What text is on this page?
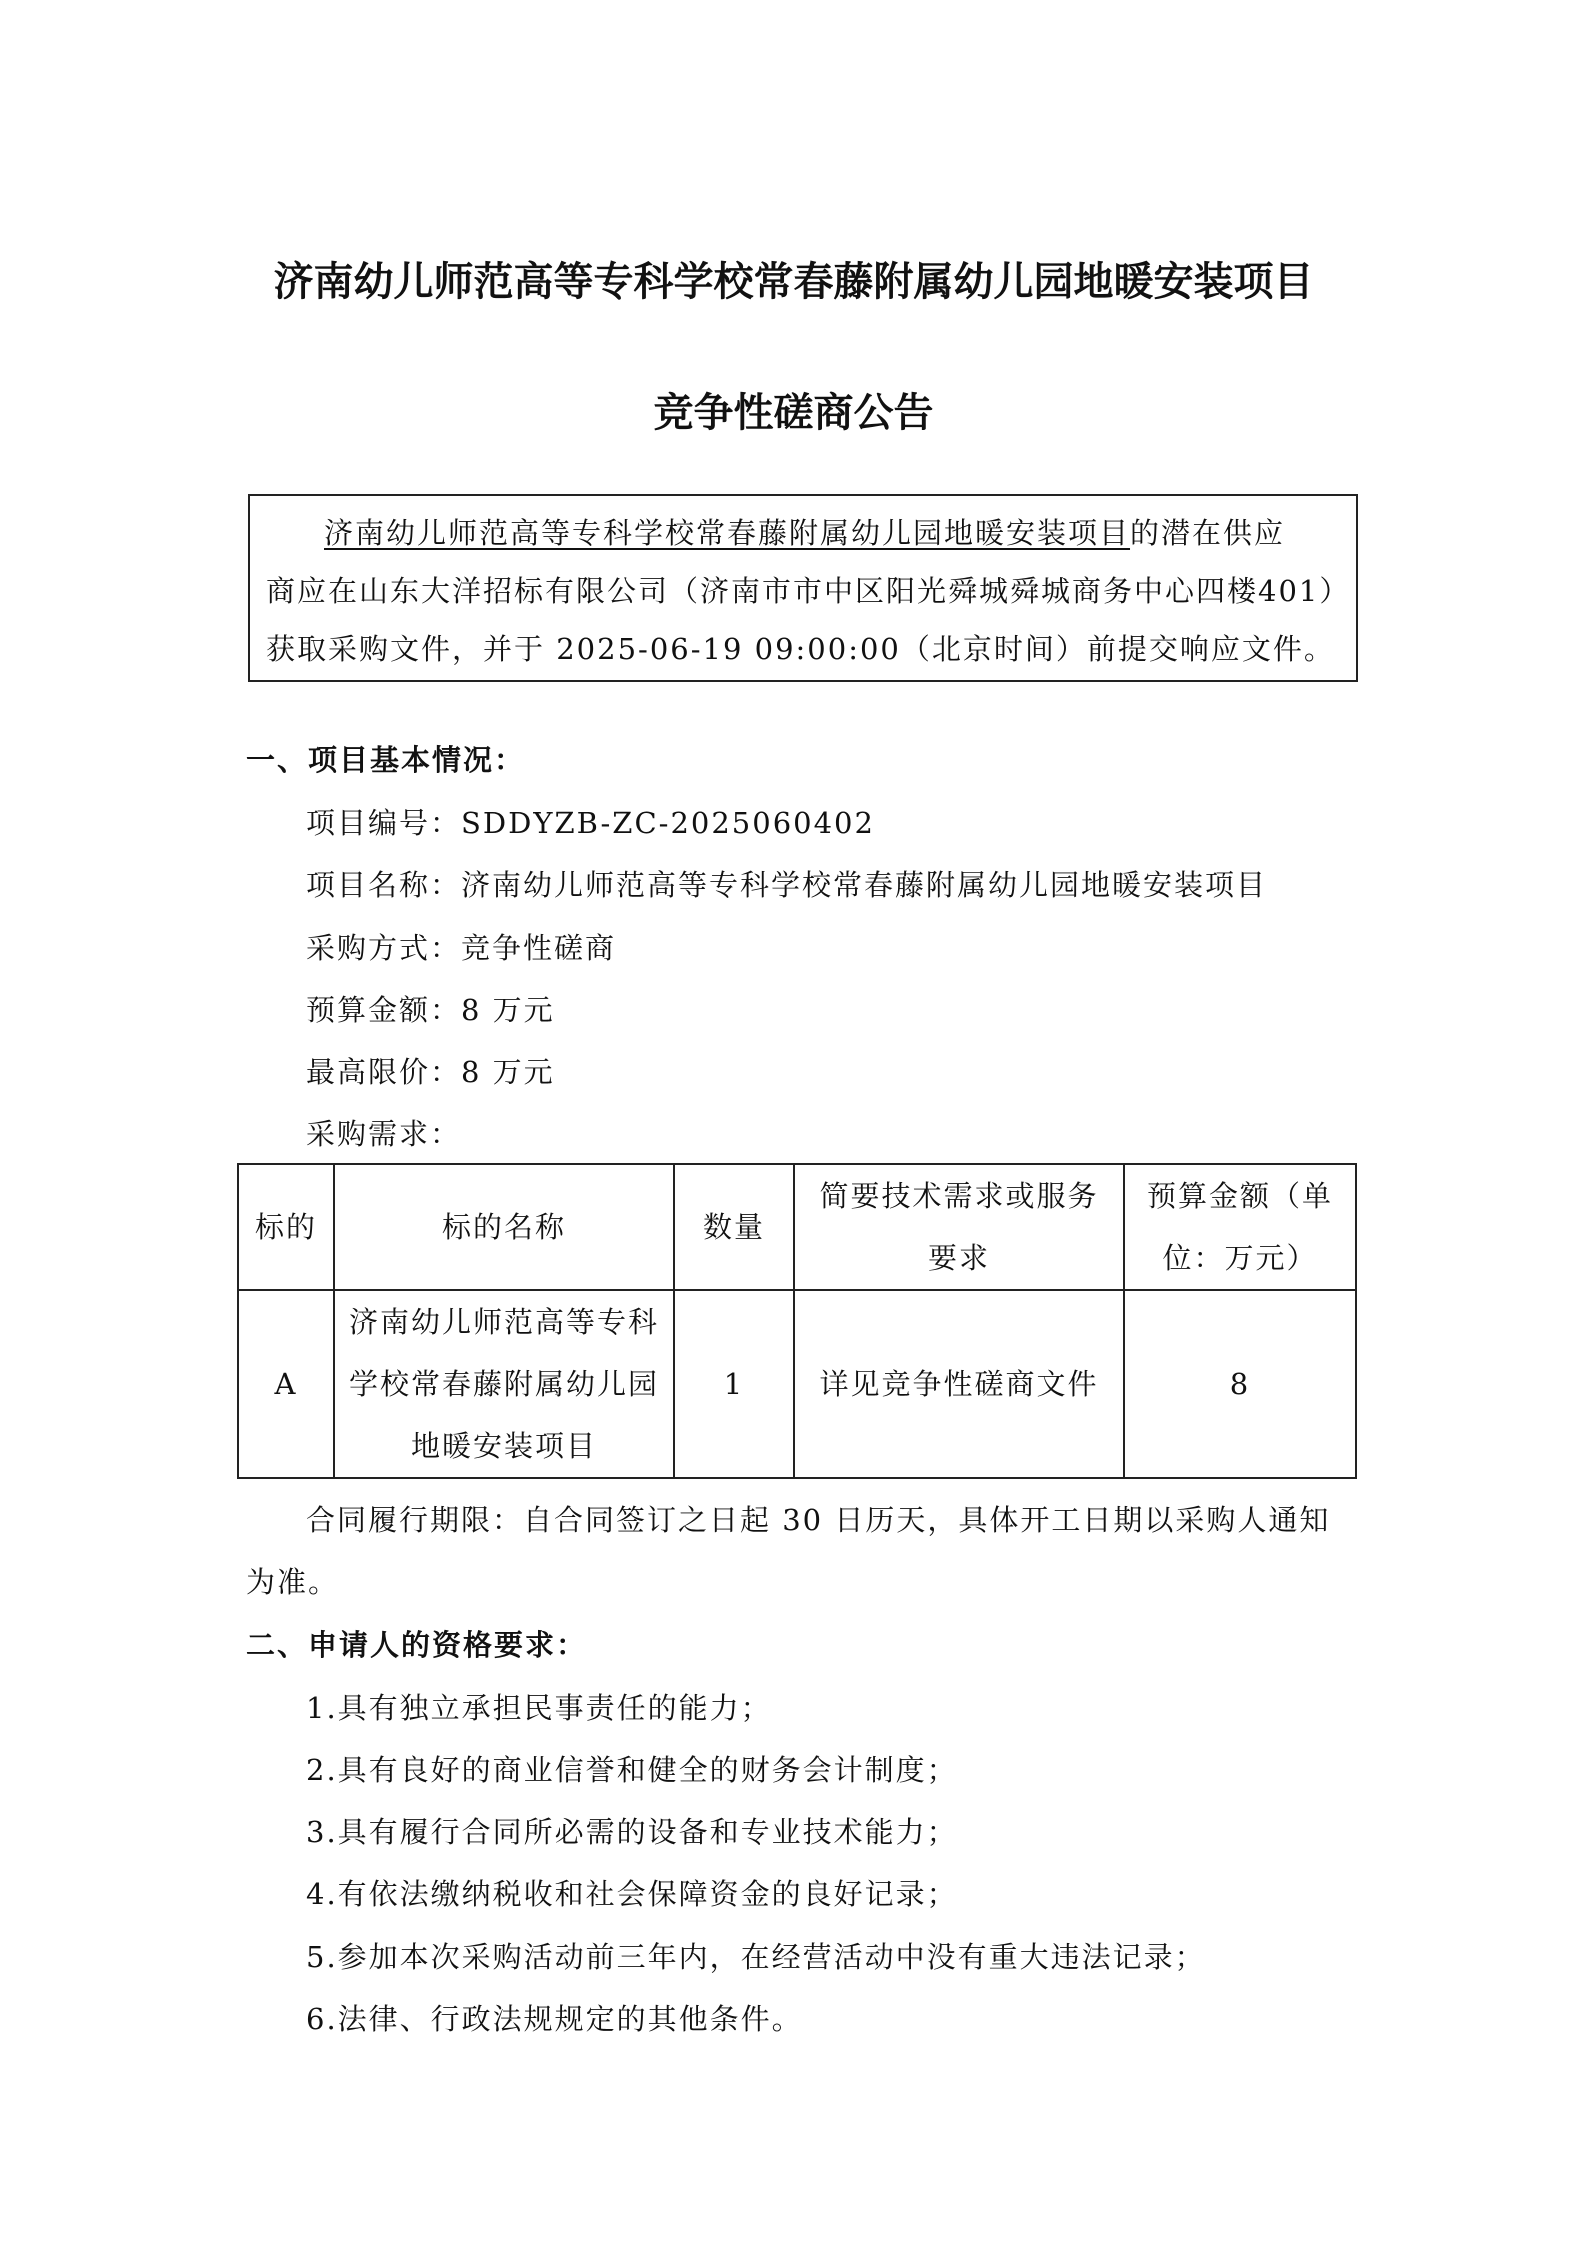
济南幼儿师范高等专科学校常春藤附属幼儿园地暖安装项目
竞争性磋商公告
济南幼儿师范高等专科学校常春藤附属幼儿园地暖安装项目的潜在供应
商应在山东大洋招标有限公司（济南市市中区阳光舜城舜城商务中心四楼401）
获取采购文件，并于 2025-06-19 09:00:00（北京时间）前提交响应文件。

一、项目基本情况：

项目编号：SDDYZB-ZC-2025060402

项目名称：济南幼儿师范高等专科学校常春藤附属幼儿园地暖安装项目

采购方式：竞争性磋商

预算金额：8 万元

最高限价：8 万元

采购需求：

标的	标的名称	数量	简要技术需求或服务要求	预算金额（单位：万元）
A	济南幼儿师范高等专科学校常春藤附属幼儿园地暖安装项目	1	详见竞争性磋商文件	8

合同履行期限：自合同签订之日起 30 日历天，具体开工日期以采购人通知

为准。

二、申请人的资格要求：

1.具有独立承担民事责任的能力；

2.具有良好的商业信誉和健全的财务会计制度；

3.具有履行合同所必需的设备和专业技术能力；

4.有依法缴纳税收和社会保障资金的良好记录；

5.参加本次采购活动前三年内，在经营活动中没有重大违法记录；

6.法律、行政法规规定的其他条件。
